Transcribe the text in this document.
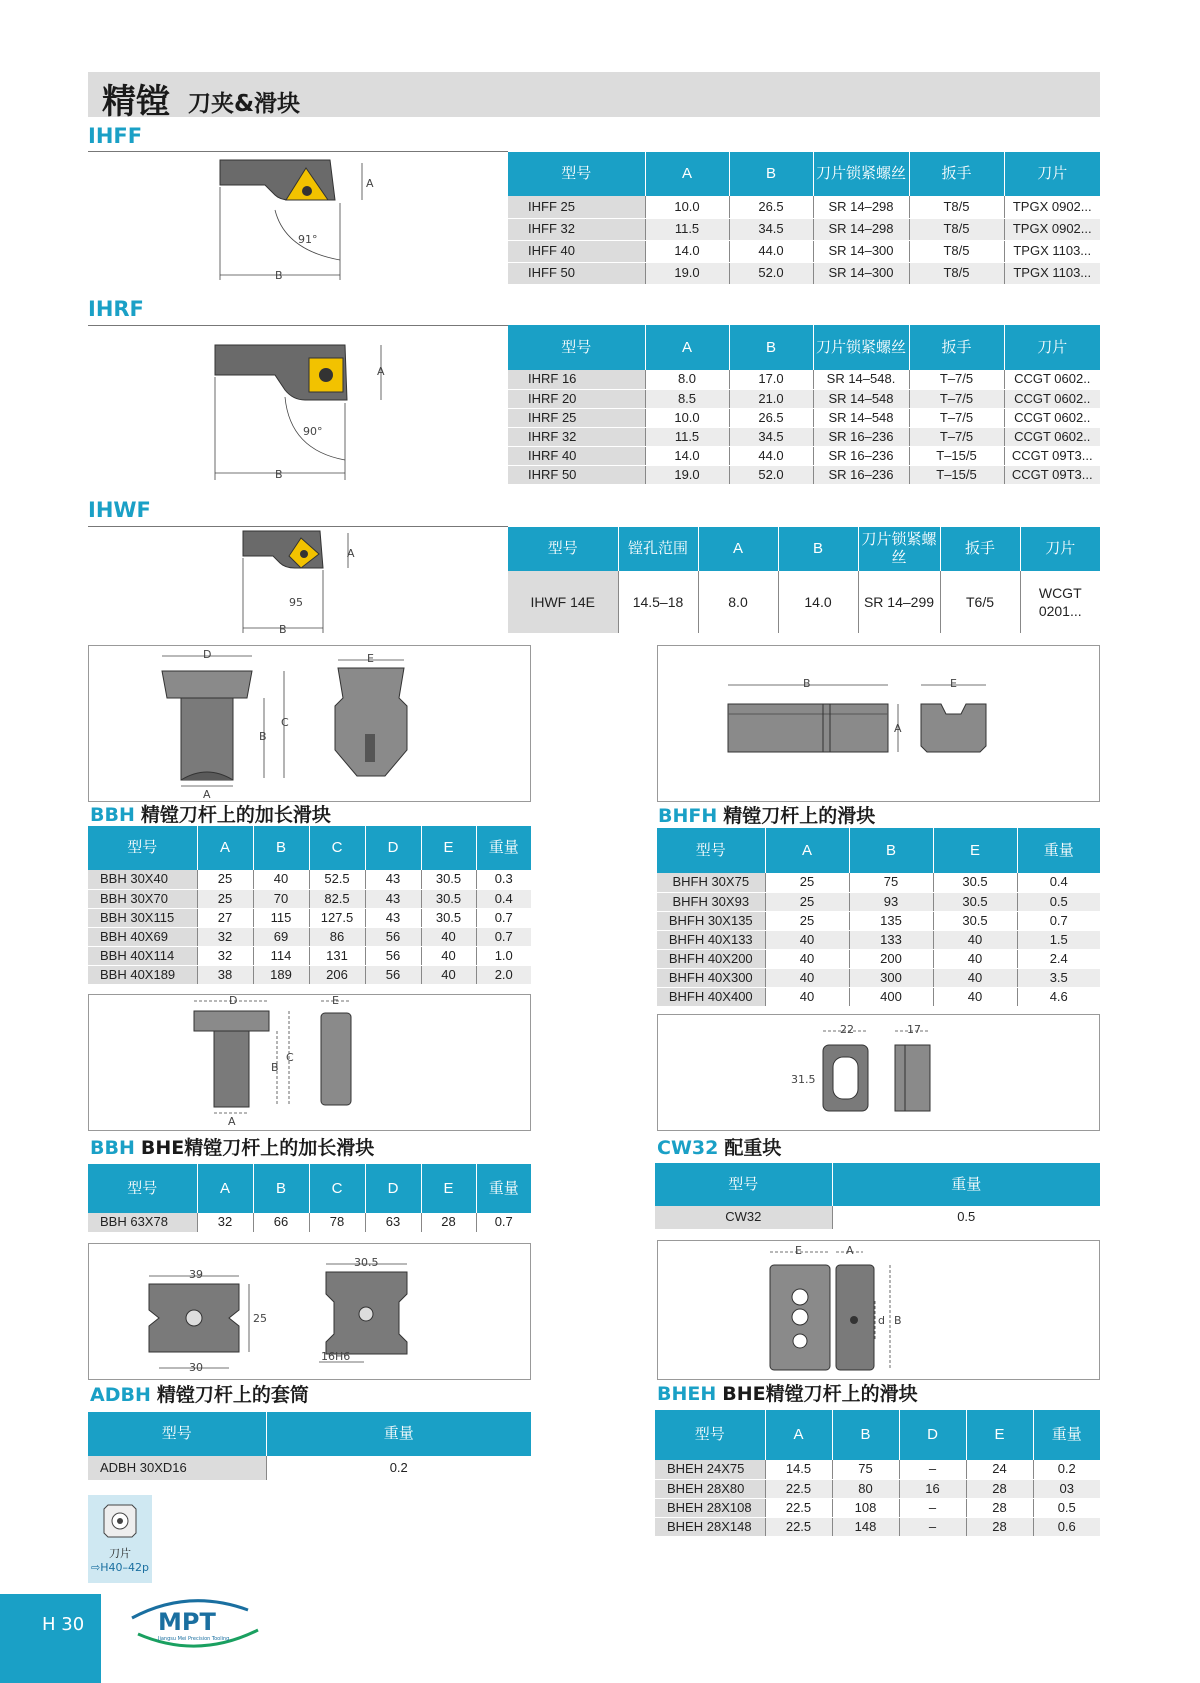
精镗 刀夹&滑块
IHFF
A
B
91°
型号	A	B	刀片锁紧螺丝	扳手	刀片
IHFF 25	10.0	26.5	SR 14–298	T8/5	TPGX 0902...
IHFF 32	11.5	34.5	SR 14–298	T8/5	TPGX 0902...
IHFF 40	14.0	44.0	SR 14–300	T8/5	TPGX 1103...
IHFF 50	19.0	52.0	SR 14–300	T8/5	TPGX 1103...
IHRF
A
B
90°
型号	A	B	刀片锁紧螺丝	扳手	刀片
IHRF 16	8.0	17.0	SR 14–548.	T–7/5	CCGT 0602..
IHRF 20	8.5	21.0	SR 14–548	T–7/5	CCGT 0602..
IHRF 25	10.0	26.5	SR 14–548	T–7/5	CCGT 0602..
IHRF 32	11.5	34.5	SR 16–236	T–7/5	CCGT 0602..
IHRF 40	14.0	44.0	SR 16–236	T–15/5	CCGT 09T3...
IHRF 50	19.0	52.0	SR 16–236	T–15/5	CCGT 09T3...
IHWF
A
B
95
型号	镗孔范围	A	B	刀片锁紧螺丝	扳手	刀片
IHWF 14E	14.5–18	8.0	14.0	SR 14–299	T6/5	WCGT 0201...
D
A
B
C
E
BBH 精镗刀杆上的加长滑块
型号	A	B	C	D	E	重量
BBH 30X40	25	40	52.5	43	30.5	0.3
BBH 30X70	25	70	82.5	43	30.5	0.4
BBH 30X115	27	115	127.5	43	30.5	0.7
BBH 40X69	32	69	86	56	40	0.7
BBH 40X114	32	114	131	56	40	1.0
BBH 40X189	38	189	206	56	40	2.0
B
A
E
BHFH 精镗刀杆上的滑块
型号	A	B	E	重量
BHFH 30X75	25	75	30.5	0.4
BHFH 30X93	25	93	30.5	0.5
BHFH 30X135	25	135	30.5	0.7
BHFH 40X133	40	133	40	1.5
BHFH 40X200	40	200	40	2.4
BHFH 40X300	40	300	40	3.5
BHFH 40X400	40	400	40	4.6
D
A
B
C
E
BBH BHE精镗刀杆上的加长滑块
型号	A	B	C	D	E	重量
BBH 63X78	32	66	78	63	28	0.7
22
31.5
17
CW32 配重块
型号	重量
CW32	0.5
39
25
30
30.5
16H6
ADBH 精镗刀杆上的套筒
型号	重量
ADBH 30XD16	0.2
E	A
d B
BHEH BHE精镗刀杆上的滑块
型号	A	B	D	E	重量
BHEH 24X75	14.5	75	–	24	0.2
BHEH 28X80	22.5	80	16	28	03
BHEH 28X108	22.5	108	–	28	0.5
BHEH 28X148	22.5	148	–	28	0.6
刀片
⇨H40–42p
H 30	MPT
Jiangsu Mei Precision Tooling
